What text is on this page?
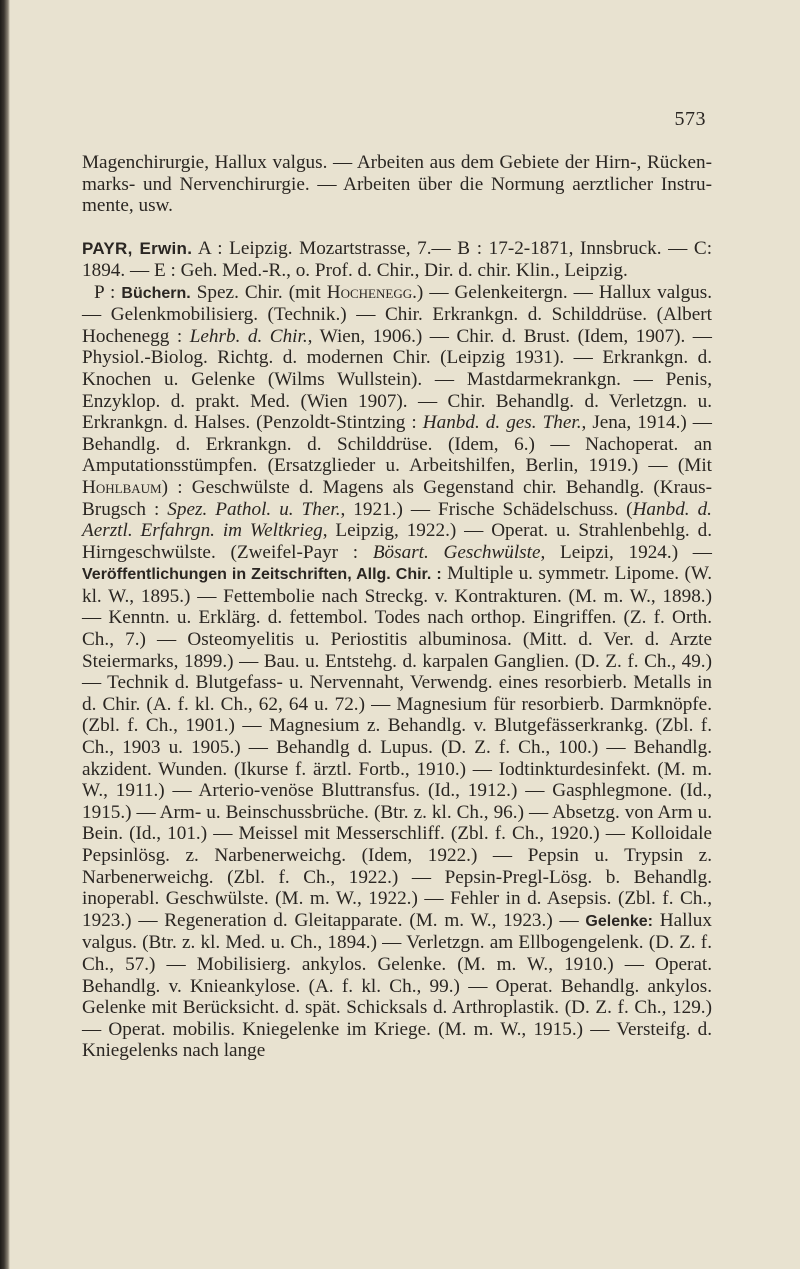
573

Magenchirurgie, Hallux valgus. — Arbeiten aus dem Gebiete der Hirn-, Rücken- marks- und Nervenchirurgie. — Arbeiten über die Normung aerztlicher Instru- mente, usw.

PAYR, Erwin. A : Leipzig. Mozartstrasse, 7.— B : 17-2-1871, Innsbruck. — C: 1894. — E : Geh. Med.-R., o. Prof. d. Chir., Dir. d. chir. Klin., Leipzig.

P : Büchern. Spez. Chir. (mit Hochenegg.) — Gelenkeitergn. — Hallux valgus. — Gelenkmobilisierg. (Technik.) — Chir. Erkrankgn. d. Schilddrüse. (Albert Hochenegg : Lehrb. d. Chir., Wien, 1906.) — Chir. d. Brust. (Idem, 1907). — Physiol.-Biolog. Richtg. d. modernen Chir. (Leipzig 1931). — Erkrankgn. d. Knochen u. Gelenke (Wilms Wullstein). — Mastdarmekrankgn. — Penis, Enzyklop. d. prakt. Med. (Wien 1907). — Chir. Behandlg. d. Verletzgn. u. Erkrankgn. d. Halses. (Penzoldt-Stintzing : Hanbd. d. ges. Ther., Jena, 1914.) —Behandlg. d. Erkrankgn. d. Schilddrüse. (Idem, 6.) — Nachoperat. an Amputationsstümpfen. (Ersatzglieder u. Arbeitshilfen, Berlin, 1919.) — (Mit Hohlbaum) : Geschwülste d. Magens als Gegenstand chir. Behandlg. (Kraus-Brugsch : Spez. Pathol. u. Ther., 1921.) — Frische Schädelschuss. (Hanbd. d. Aerztl. Erfahrgn. im Weltkrieg, Leipzig, 1922.) — Operat. u. Strahlenbehlg. d. Hirngeschwülste. (Zweifel-Payr : Bösart. Geschwülste, Leipzi, 1924.) — Veröffentlichungen in Zeitschriften, Allg. Chir. : Multiple u. symmetr. Lipome. (W. kl. W., 1895.) — Fettembolie nach Streckg. v. Kontrakturen. (M. m. W., 1898.) — Kenntn. u. Erklärg. d. fettembol. Todes nach orthop. Eingriffen. (Z. f. Orth. Ch., 7.) — Osteomyelitis u. Periostitis albuminosa. (Mitt. d. Ver. d. Arzte Steiermarks, 1899.) — Bau. u. Entstehg. d. karpalen Ganglien. (D. Z. f. Ch., 49.) — Technik d. Blutgefass- u. Nervennaht, Verwendg. eines resorbierb. Metalls in d. Chir. (A. f. kl. Ch., 62, 64 u. 72.) — Magnesium für resorbierb. Darmknöpfe. (Zbl. f. Ch., 1901.) — Magnesium z. Behandlg. v. Blutgefässerkrankg. (Zbl. f. Ch., 1903 u. 1905.) — Behandlg d. Lupus. (D. Z. f. Ch., 100.) — Behandlg. akzident. Wunden. (Ikurse f. ärztl. Fortb., 1910.) — Iodtinkturdesinfekt. (M. m. W., 1911.) — Arterio-venöse Bluttransfus. (Id., 1912.) — Gasphlegmone. (Id., 1915.) — Arm- u. Beinschussbrüche. (Btr. z. kl. Ch., 96.) — Absetzg. von Arm u. Bein. (Id., 101.) — Meissel mit Messerschliff. (Zbl. f. Ch., 1920.) — Kolloidale Pepsinlösg. z. Narbenerweichg. (Idem, 1922.) — Pepsin u. Trypsin z. Narbenerweichg. (Zbl. f. Ch., 1922.) — Pepsin-Pregl-Lösg. b. Behandlg. inoperabl. Geschwülste. (M. m. W., 1922.) — Fehler in d. Asepsis. (Zbl. f. Ch., 1923.) — Regeneration d. Gleitapparate. (M. m. W., 1923.) — Gelenke: Hallux valgus. (Btr. z. kl. Med. u. Ch., 1894.) — Verletzgn. am Ellbogengelenk. (D. Z. f. Ch., 57.) — Mobilisierg. ankylos. Gelenke. (M. m. W., 1910.) — Operat. Behandlg. v. Knieankylose. (A. f. kl. Ch., 99.) — Operat. Behandlg. ankylos. Gelenke mit Berücksicht. d. spät. Schicksals d. Arthroplastik. (D. Z. f. Ch., 129.) — Operat. mobilis. Kniegelenke im Kriege. (M. m. W., 1915.) — Versteifg. d. Kniegelenks nach lange
